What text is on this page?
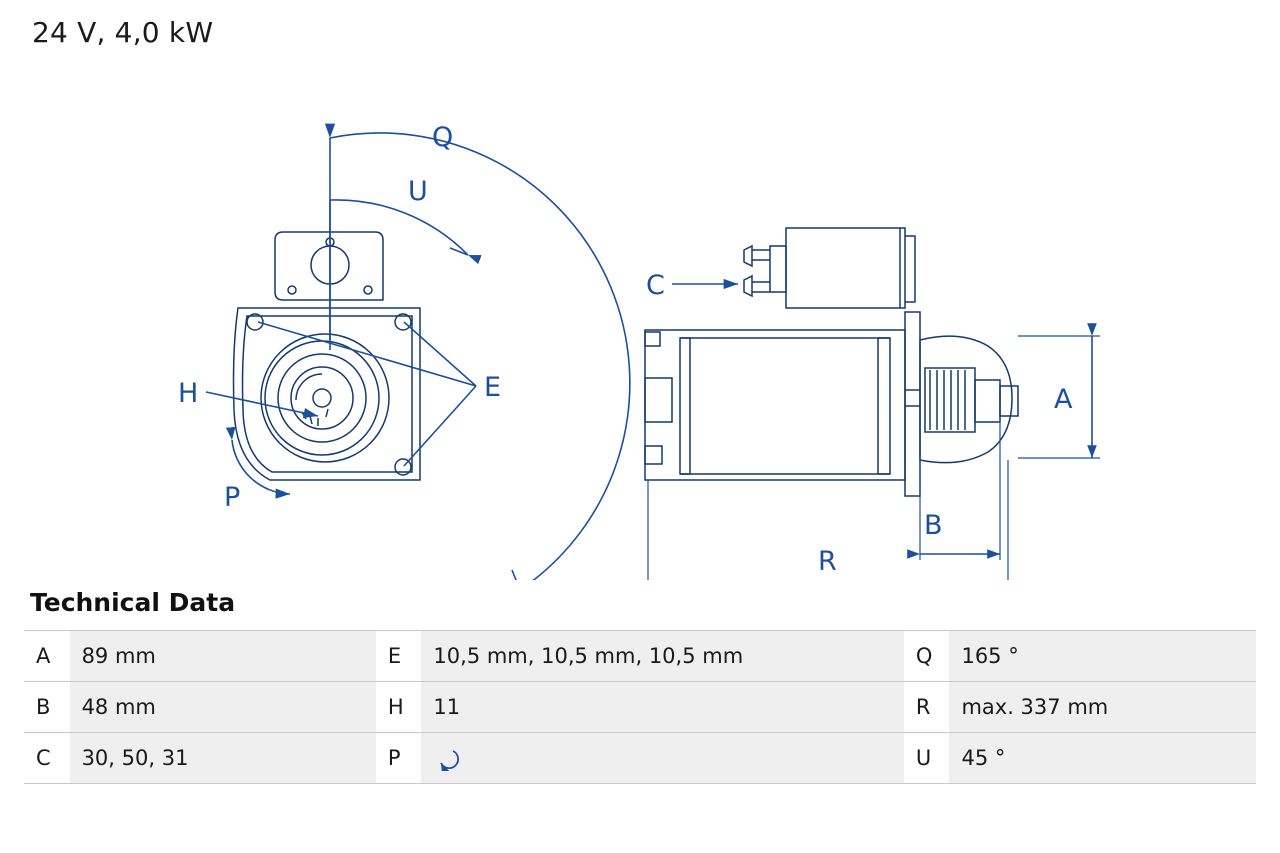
24 V, 4,0 kW
Q
U
E
H
P
C
A
B
R
Technical Data
A	89 mm	E	10,5 mm, 10,5 mm, 10,5 mm	Q	165 °
B	48 mm	H	11	R	max. 337 mm
C	30, 50, 31	P		U	45 °
